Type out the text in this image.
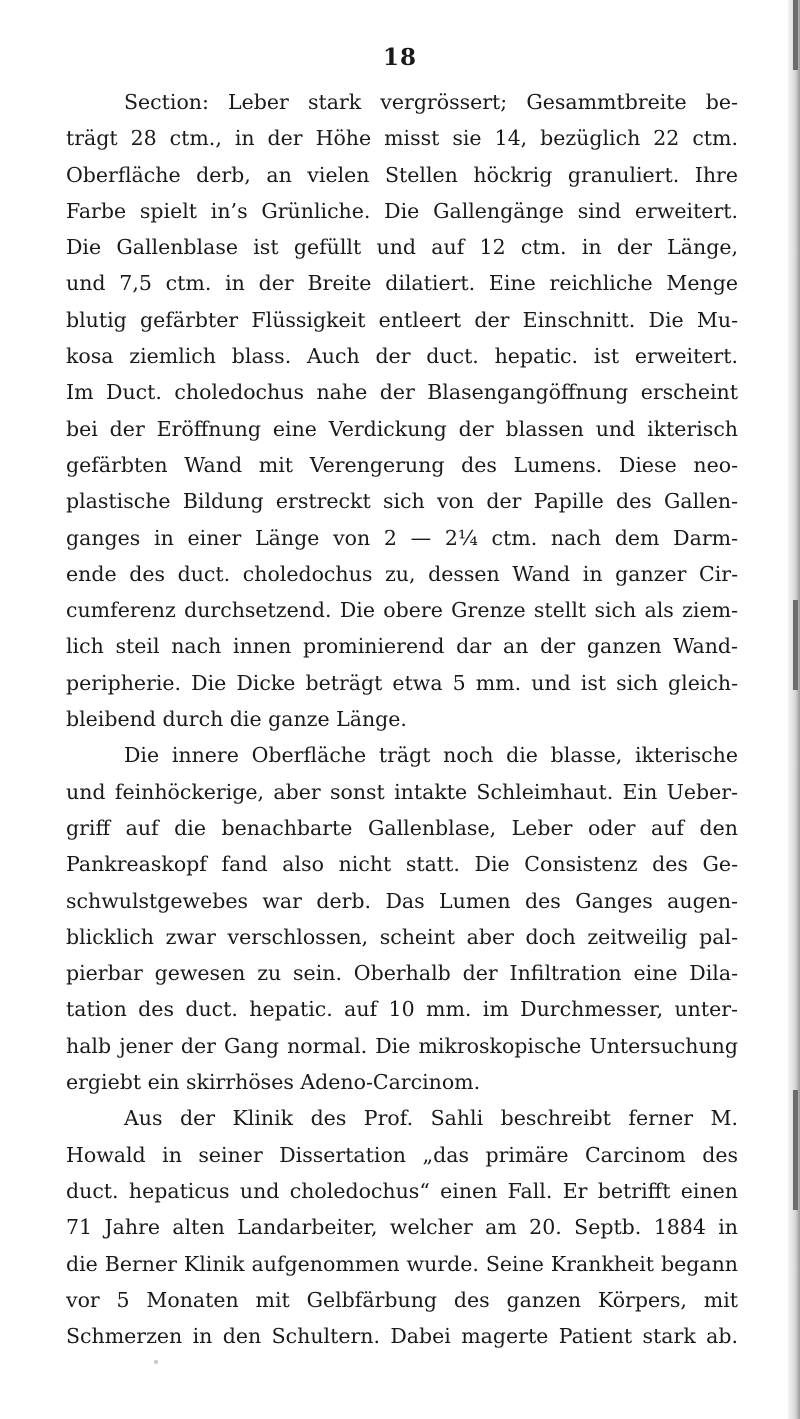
18
Section: Leber stark vergrössert; Gesammtbreite be-
trägt 28 ctm., in der Höhe misst sie 14, bezüglich 22 ctm.
Oberfläche derb, an vielen Stellen höckrig granuliert. Ihre
Farbe spielt in’s Grünliche. Die Gallengänge sind erweitert.
Die Gallenblase ist gefüllt und auf 12 ctm. in der Länge,
und 7,5 ctm. in der Breite dilatiert. Eine reichliche Menge
blutig gefärbter Flüssigkeit entleert der Einschnitt. Die Mu-
kosa ziemlich blass. Auch der duct. hepatic. ist erweitert.
Im Duct. choledochus nahe der Blasengangöffnung erscheint
bei der Eröffnung eine Verdickung der blassen und ikterisch
gefärbten Wand mit Verengerung des Lumens. Diese neo-
plastische Bildung erstreckt sich von der Papille des Gallen-
ganges in einer Länge von 2 — 2¼ ctm. nach dem Darm-
ende des duct. choledochus zu, dessen Wand in ganzer Cir-
cumferenz durchsetzend. Die obere Grenze stellt sich als ziem-
lich steil nach innen prominierend dar an der ganzen Wand-
peripherie. Die Dicke beträgt etwa 5 mm. und ist sich gleich-
bleibend durch die ganze Länge.
Die innere Oberfläche trägt noch die blasse, ikterische
und feinhöckerige, aber sonst intakte Schleimhaut. Ein Ueber-
griff auf die benachbarte Gallenblase, Leber oder auf den
Pankreaskopf fand also nicht statt. Die Consistenz des Ge-
schwulstgewebes war derb. Das Lumen des Ganges augen-
blicklich zwar verschlossen, scheint aber doch zeitweilig pal-
pierbar gewesen zu sein. Oberhalb der Infiltration eine Dila-
tation des duct. hepatic. auf 10 mm. im Durchmesser, unter-
halb jener der Gang normal. Die mikroskopische Untersuchung
ergiebt ein skirrhöses Adeno-Carcinom.
Aus der Klinik des Prof. Sahli beschreibt ferner M.
Howald in seiner Dissertation „das primäre Carcinom des
duct. hepaticus und choledochus“ einen Fall. Er betrifft einen
71 Jahre alten Landarbeiter, welcher am 20. Septb. 1884 in
die Berner Klinik aufgenommen wurde. Seine Krankheit begann
vor 5 Monaten mit Gelbfärbung des ganzen Körpers, mit
Schmerzen in den Schultern. Dabei magerte Patient stark ab.
